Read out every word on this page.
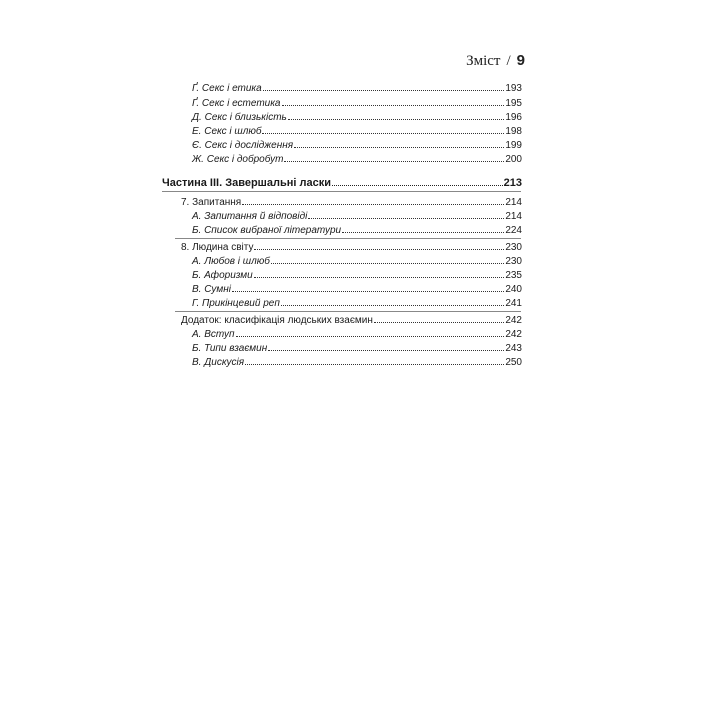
Зміст / 9
Ґ. Секс і етика	193
Ґ. Секс і естетика	195
Д. Секс і близькість	196
Е. Секс і шлюб	198
Є. Секс і дослідження	199
Ж. Секс і добробут	200
Частина III. Завершальні ласки	213
7. Запитання	214
А. Запитання й відповіді	214
Б. Список вибраної літератури	224
8. Людина світу	230
А. Любов і шлюб	230
Б. Афоризми	235
В. Сумні	240
Г. Прикінцевий реп	241
Додаток: класифікація людських взаємин	242
А. Вступ	242
Б. Типи взаємин	243
В. Дискусія	250
